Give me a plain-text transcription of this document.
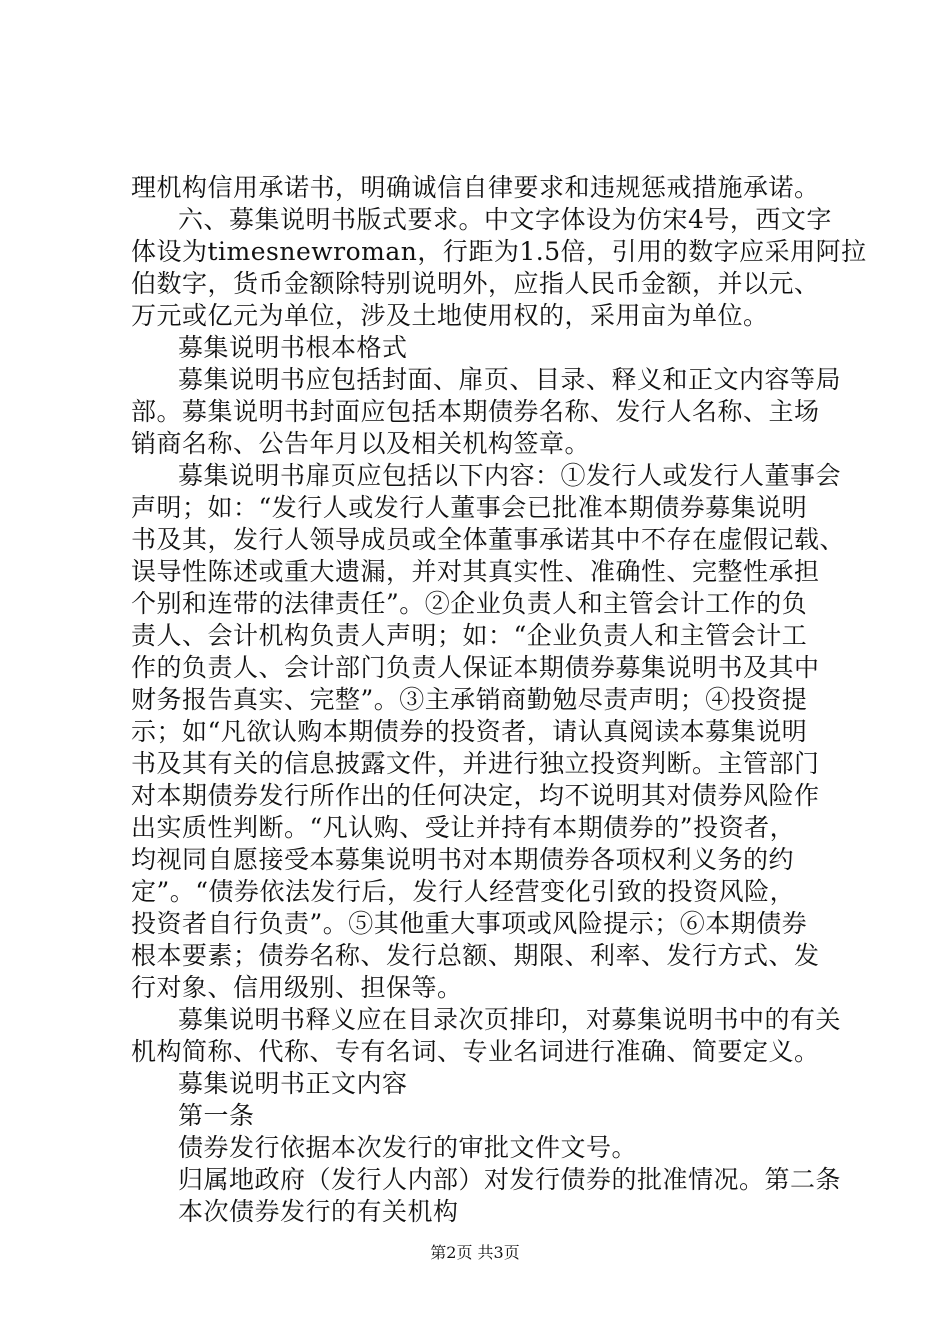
理机构信用承诺书，明确诚信自律要求和违规惩戒措施承诺。
六、募集说明书版式要求。中文字体设为仿宋4号，西文字
体设为timesnewroman，行距为1.5倍，引用的数字应采用阿拉
伯数字，货币金额除特别说明外，应指人民币金额，并以元、
万元或亿元为单位，涉及土地使用权的，采用亩为单位。
募集说明书根本格式
募集说明书应包括封面、扉页、目录、释义和正文内容等局
部。募集说明书封面应包括本期债券名称、发行人名称、主场
销商名称、公告年月以及相关机构签章。
募集说明书扉页应包括以下内容：①发行人或发行人董事会
声明；如：“发行人或发行人董事会已批准本期债券募集说明
书及其，发行人领导成员或全体董事承诺其中不存在虚假记载、
误导性陈述或重大遗漏，并对其真实性、准确性、完整性承担
个别和连带的法律责任”。②企业负责人和主管会计工作的负
责人、会计机构负责人声明；如：“企业负责人和主管会计工
作的负责人、会计部门负责人保证本期债券募集说明书及其中
财务报告真实、完整”。③主承销商勤勉尽责声明；④投资提
示；如“凡欲认购本期债券的投资者，请认真阅读本募集说明
书及其有关的信息披露文件，并进行独立投资判断。主管部门
对本期债券发行所作出的任何决定，均不说明其对债券风险作
出实质性判断。“凡认购、受让并持有本期债券的”投资者，
均视同自愿接受本募集说明书对本期债券各项权利义务的约
定”。“债券依法发行后，发行人经营变化引致的投资风险，
投资者自行负责”。⑤其他重大事项或风险提示；⑥本期债券
根本要素；债券名称、发行总额、期限、利率、发行方式、发
行对象、信用级别、担保等。
募集说明书释义应在目录次页排印，对募集说明书中的有关
机构简称、代称、专有名词、专业名词进行准确、简要定义。
募集说明书正文内容
第一条
债券发行依据本次发行的审批文件文号。
归属地政府（发行人内部）对发行债券的批准情况。第二条
本次债券发行的有关机构
第2页 共3页
